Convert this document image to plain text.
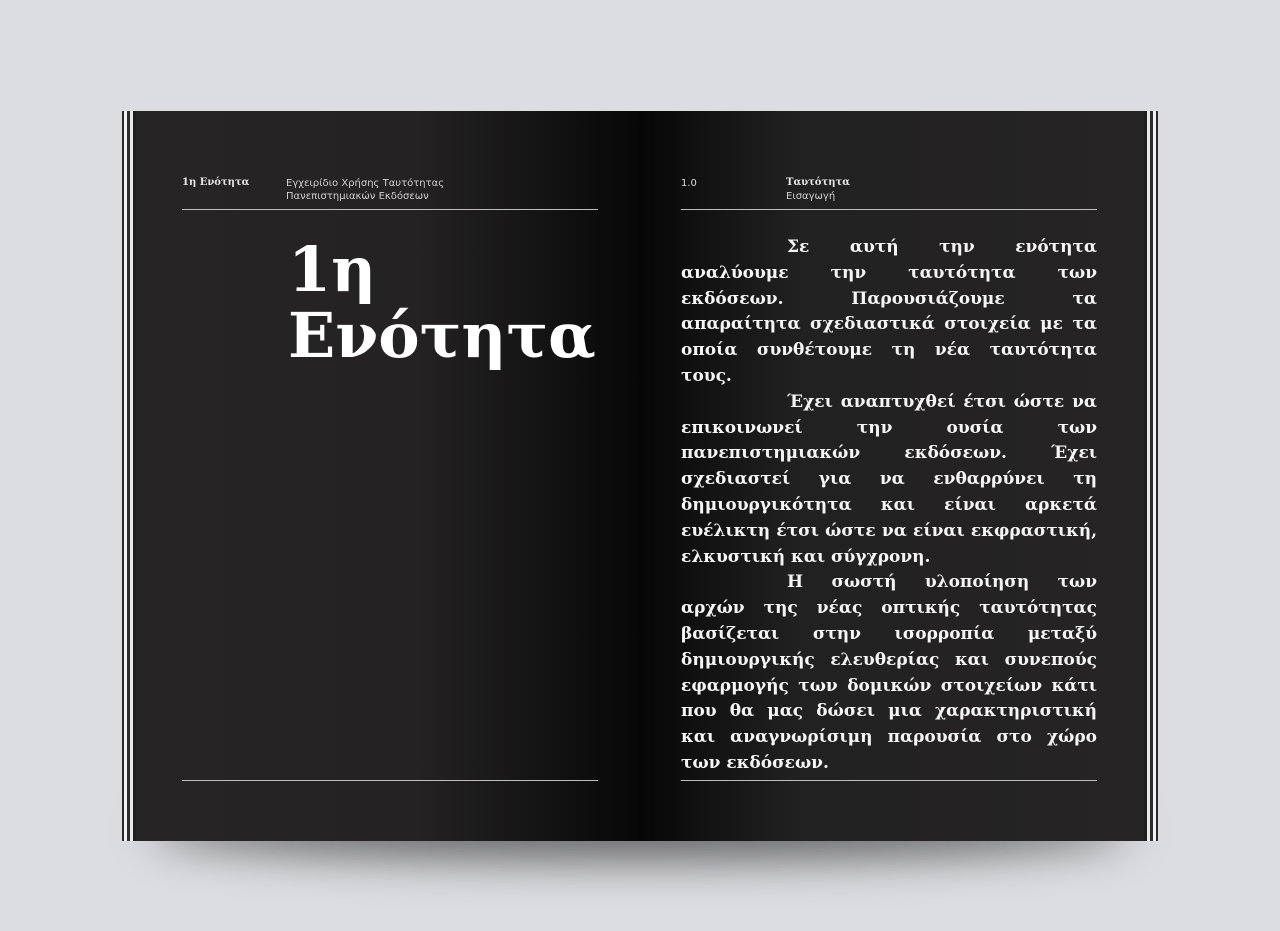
1η Ενότητα	Εγχειρίδιο Χρήσης Ταυτότητας
Πανεπιστημιακών Εκδόσεων
1η
Ενότητα
1.0	Ταυτότητα
Εισαγωγή

Σε αυτή την ενότητα αναλύουμε την ταυτότητα των εκδόσεων. Παρουσιάζουμε τα απαραίτητα σχεδιαστικά στοιχεία με τα οποία συνθέτουμε τη νέα ταυτότητα τους.

Έχει αναπτυχθεί έτσι ώστε να επικοινωνεί την ουσία των πανεπιστημιακών εκδόσεων. Έχει σχεδιαστεί για να ενθαρρύνει τη δημιουργικότητα και είναι αρκετά ευέλικτη έτσι ώστε να είναι εκφραστική, ελκυστική και σύγχρονη.

Η σωστή υλοποίηση των αρχών της νέας οπτικής ταυτότητας βασίζεται στην ισορροπία μεταξύ δημιουργικής ελευθερίας και συνεπούς εφαρμογής των δομικών στοιχείων κάτι που θα μας δώσει μια χαρακτηριστική και αναγνωρίσιμη παρουσία στο χώρο των εκδόσεων.
